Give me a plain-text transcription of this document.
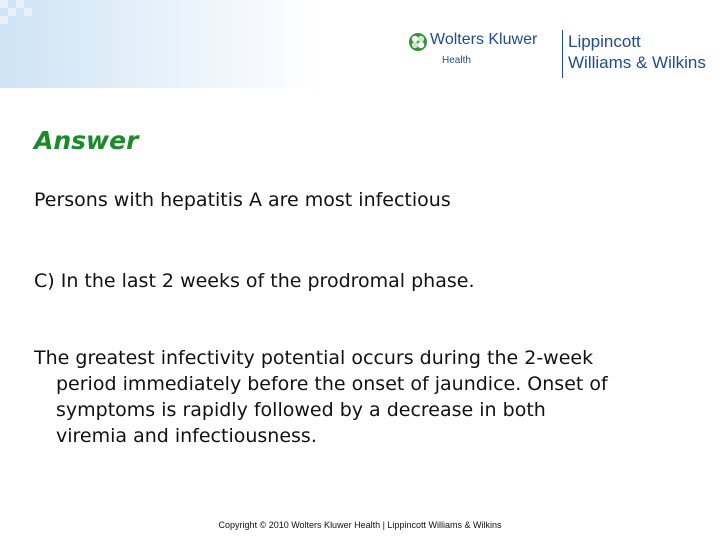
Wolters Kluwer
Health
Lippincott
Williams & Wilkins
Answer
Persons with hepatitis A are most infectious
C) In the last 2 weeks of the prodromal phase.
The greatest infectivity potential occurs during the 2‑week
period immediately before the onset of jaundice. Onset of
symptoms is rapidly followed by a decrease in both
viremia and infectiousness.
Copyright © 2010 Wolters Kluwer Health | Lippincott Williams & Wilkins
